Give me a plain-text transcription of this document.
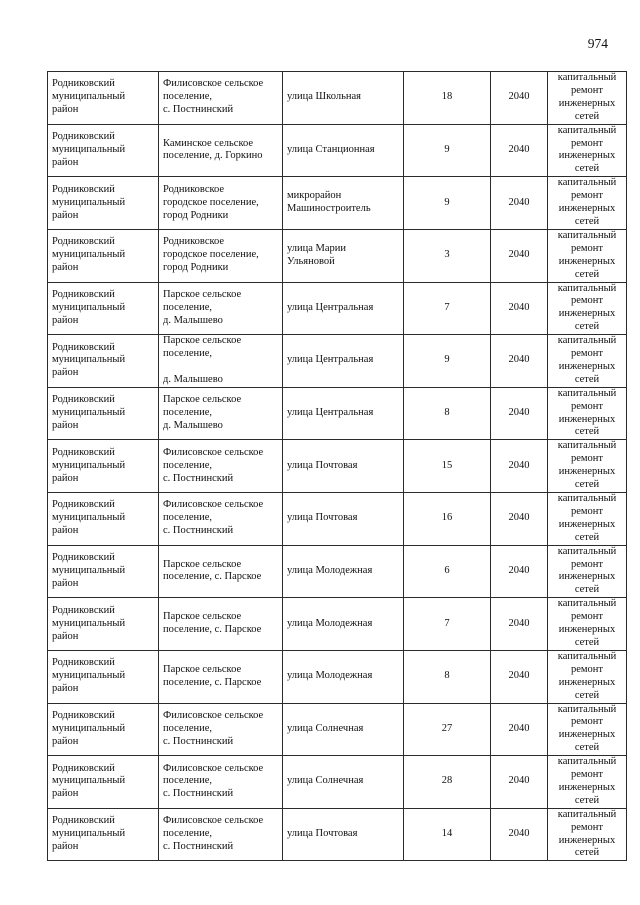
974
Родниковский
муниципальный
район	Филисовское сельское
поселение,
с. Постнинский	улица Школьная	18	2040	капитальный
ремонт
инженерных
сетей

Родниковский
муниципальный
район	Каминское сельское
поселение, д. Горкино	улица Станционная	9	2040	капитальный
ремонт
инженерных
сетей

Родниковский
муниципальный
район	Родниковское
городское поселение,
город Родники	микрорайон
Машиностроитель	9	2040	капитальный
ремонт
инженерных
сетей

Родниковский
муниципальный
район	Родниковское
городское поселение,
город Родники	улица Марии
Ульяновой	3	2040	капитальный
ремонт
инженерных
сетей

Родниковский
муниципальный
район	Парское сельское
поселение,
д. Малышево	улица Центральная	7	2040	капитальный
ремонт
инженерных
сетей

Родниковский
муниципальный
район	Парское сельское
поселение,

д. Малышево	улица Центральная	9	2040	капитальный
ремонт
инженерных
сетей

Родниковский
муниципальный
район	Парское сельское
поселение,
д. Малышево	улица Центральная	8	2040	капитальный
ремонт
инженерных
сетей

Родниковский
муниципальный
район	Филисовское сельское
поселение,
с. Постнинский	улица Почтовая	15	2040	капитальный
ремонт
инженерных
сетей

Родниковский
муниципальный
район	Филисовское сельское
поселение,
с. Постнинский	улица Почтовая	16	2040	капитальный
ремонт
инженерных
сетей

Родниковский
муниципальный
район	Парское сельское
поселение, с. Парское	улица Молодежная	6	2040	капитальный
ремонт
инженерных
сетей

Родниковский
муниципальный
район	Парское сельское
поселение, с. Парское	улица Молодежная	7	2040	капитальный
ремонт
инженерных
сетей

Родниковский
муниципальный
район	Парское сельское
поселение, с. Парское	улица Молодежная	8	2040	капитальный
ремонт
инженерных
сетей

Родниковский
муниципальный
район	Филисовское сельское
поселение,
с. Постнинский	улица Солнечная	27	2040	капитальный
ремонт
инженерных
сетей

Родниковский
муниципальный
район	Филисовское сельское
поселение,
с. Постнинский	улица Солнечная	28	2040	капитальный
ремонт
инженерных
сетей

Родниковский
муниципальный
район	Филисовское сельское
поселение,
с. Постнинский	улица Почтовая	14	2040	капитальный
ремонт
инженерных
сетей
